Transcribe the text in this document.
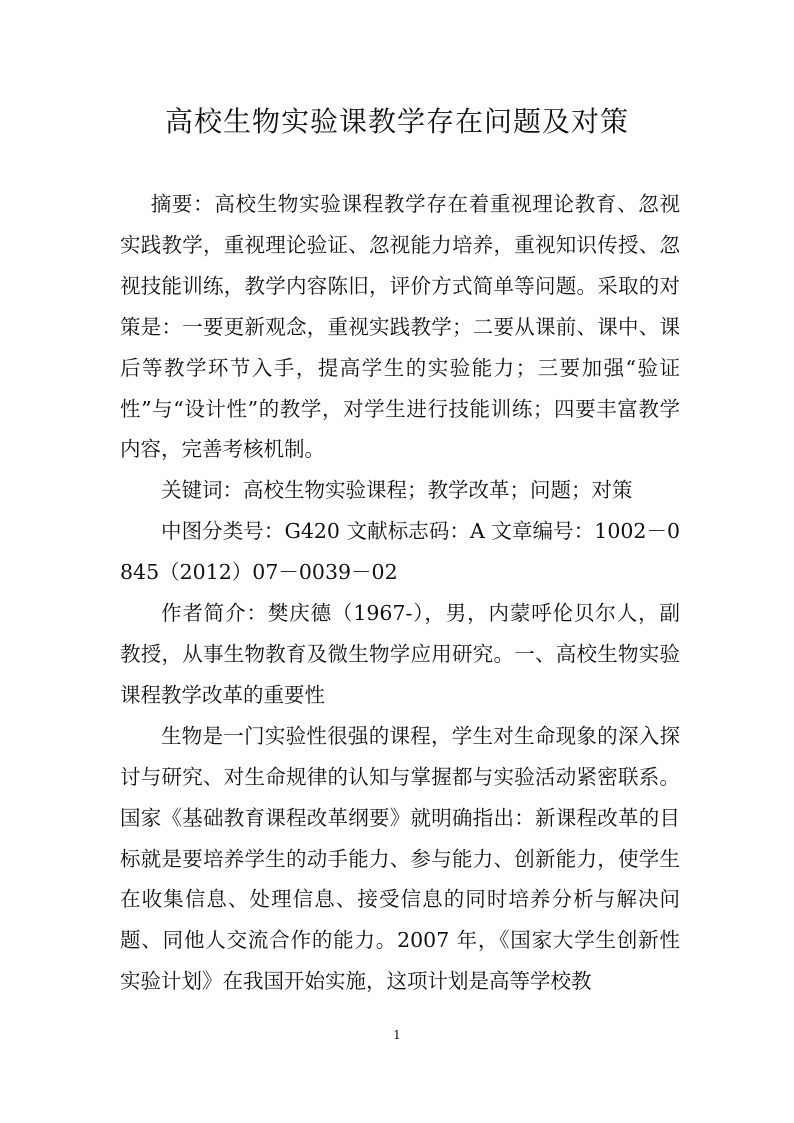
高校生物实验课教学存在问题及对策

摘要：高校生物实验课程教学存在着重视理论教育、忽视实践教学，重视理论验证、忽视能力培养，重视知识传授、忽视技能训练，教学内容陈旧，评价方式简单等问题。采取的对策是：一要更新观念，重视实践教学；二要从课前、课中、课后等教学环节入手，提高学生的实验能力；三要加强“验证性”与“设计性”的教学，对学生进行技能训练；四要丰富教学内容，完善考核机制。

关键词：高校生物实验课程；教学改革；问题；对策

中图分类号：G420 文献标志码：A 文章编号：1002－0845（2012）07－0039－02

作者简介：樊庆德（1967-），男，内蒙呼伦贝尔人，副教授，从事生物教育及微生物学应用研究。一、高校生物实验课程教学改革的重要性

生物是一门实验性很强的课程，学生对生命现象的深入探讨与研究、对生命规律的认知与掌握都与实验活动紧密联系。国家《基础教育课程改革纲要》就明确指出：新课程改革的目标就是要培养学生的动手能力、参与能力、创新能力，使学生在收集信息、处理信息、接受信息的同时培养分析与解决问题、同他人交流合作的能力。2007 年，《国家大学生创新性实验计划》在我国开始实施，这项计划是高等学校教

1
